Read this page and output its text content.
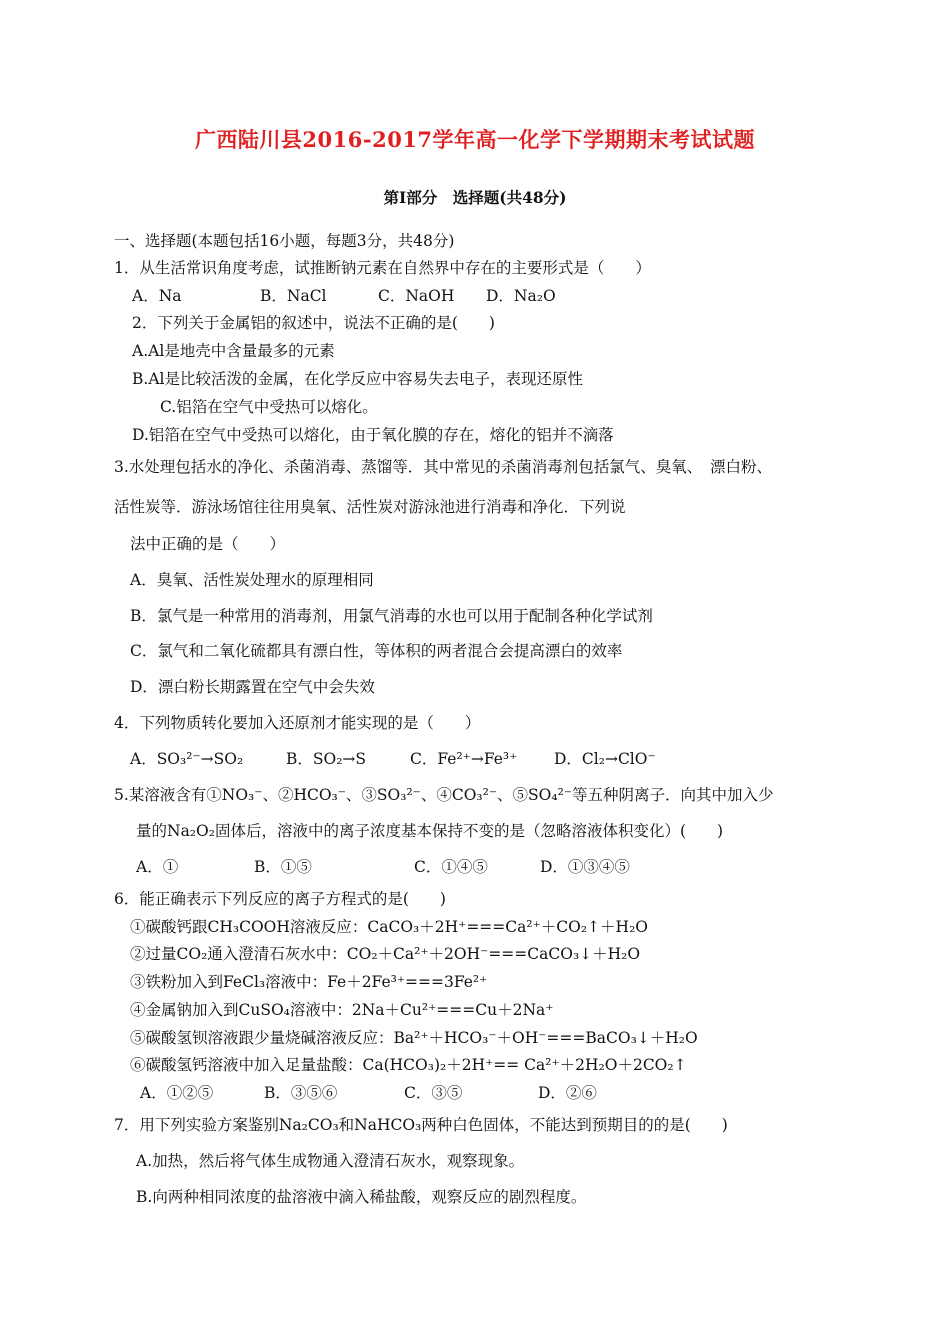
广西陆川县2016-2017学年高一化学下学期期末考试试题
第Ⅰ部分　选择题(共48分)
一、选择题(本题包括16小题，每题3分，共48分)
1．从生活常识角度考虑，试推断钠元素在自然界中存在的主要形式是（　　）
A．Na	B．NaCl	C．NaOH D．Na₂O
2．下列关于金属铝的叙述中，说法不正确的是(　　)
A.Al是地壳中含量最多的元素
B.Al是比较活泼的金属，在化学反应中容易失去电子，表现还原性
C.铝箔在空气中受热可以熔化。
D.铝箔在空气中受热可以熔化，由于氧化膜的存在，熔化的铝并不滴落
3.水处理包括水的净化、杀菌消毒、蒸馏等．其中常见的杀菌消毒剂包括氯气、臭氧、　漂白粉、
活性炭等．游泳场馆往往用臭氧、活性炭对游泳池进行消毒和净化．下列说
法中正确的是（　　）
A．臭氧、活性炭处理水的原理相同
B．氯气是一种常用的消毒剂，用氯气消毒的水也可以用于配制各种化学试剂
C．氯气和二氧化硫都具有漂白性，等体积的两者混合会提高漂白的效率
D．漂白粉长期露置在空气中会失效
4．下列物质转化要加入还原剂才能实现的是（　　）
A．SO₃²⁻→SO₂	B．SO₂→S	C．Fe²⁺→Fe³⁺ D．Cl₂→ClO⁻
5.某溶液含有①NO₃⁻、②HCO₃⁻、③SO₃²⁻、④CO₃²⁻、⑤SO₄²⁻等五种阴离子．向其中加入少
量的Na₂O₂固体后，溶液中的离子浓度基本保持不变的是（忽略溶液体积变化）(　　)
A．①	B．①⑤	C．①④⑤	D．①③④⑤
6．能正确表示下列反应的离子方程式的是(　　)
①碳酸钙跟CH₃COOH溶液反应：CaCO₃＋2H⁺===Ca²⁺＋CO₂↑＋H₂O
②过量CO₂通入澄清石灰水中：CO₂＋Ca²⁺＋2OH⁻===CaCO₃↓＋H₂O
③铁粉加入到FeCl₃溶液中：Fe＋2Fe³⁺===3Fe²⁺
④金属钠加入到CuSO₄溶液中：2Na＋Cu²⁺===Cu＋2Na⁺
⑤碳酸氢钡溶液跟少量烧碱溶液反应：Ba²⁺＋HCO₃⁻＋OH⁻===BaCO₃↓＋H₂O
⑥碳酸氢钙溶液中加入足量盐酸：Ca(HCO₃)₂＋2H⁺== Ca²⁺＋2H₂O＋2CO₂↑
A．①②⑤	B．③⑤⑥	C．③⑤	D．②⑥
7．用下列实验方案鉴别Na₂CO₃和NaHCO₃两种白色固体，不能达到预期目的的是(　　)
A.加热，然后将气体生成物通入澄清石灰水，观察现象。
B.向两种相同浓度的盐溶液中滴入稀盐酸，观察反应的剧烈程度。
